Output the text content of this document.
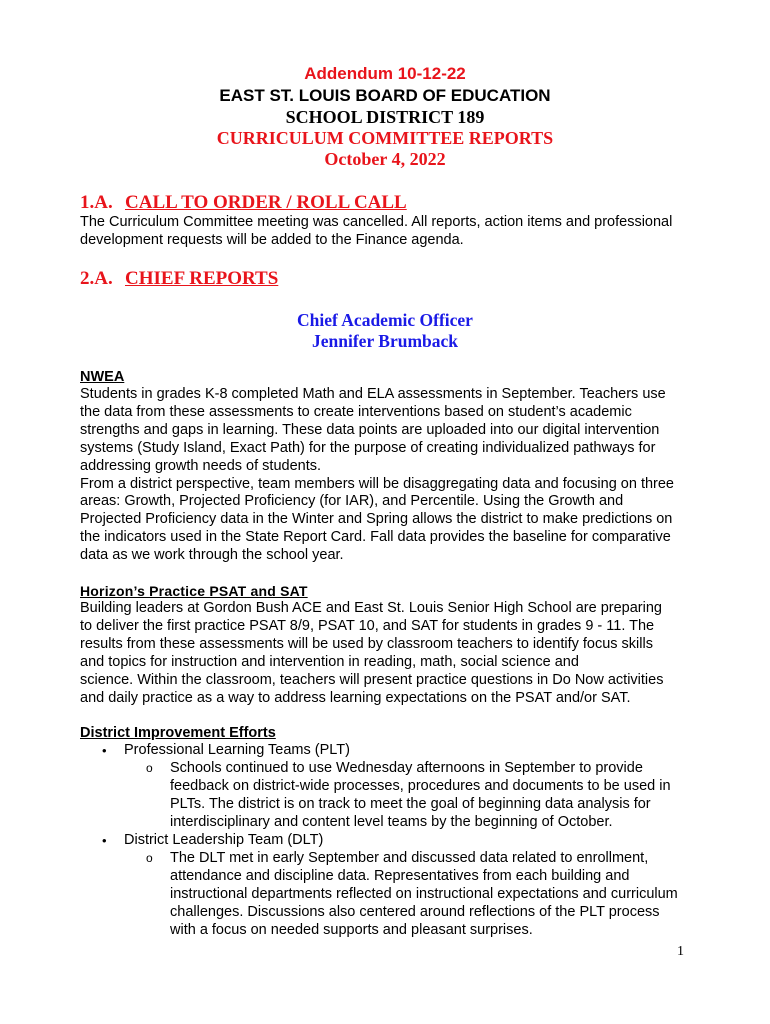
Addendum 10-12-22
EAST ST. LOUIS BOARD OF EDUCATION
SCHOOL DISTRICT 189
CURRICULUM COMMITTEE REPORTS
October 4, 2022
1.A. CALL TO ORDER / ROLL CALL

The Curriculum Committee meeting was cancelled. All reports, action items and professional
development requests will be added to the Finance agenda.

2.A. CHIEF REPORTS
Chief Academic Officer
Jennifer Brumback
NWEA

Students in grades K-8 completed Math and ELA assessments in September. Teachers use
the data from these assessments to create interventions based on student’s academic
strengths and gaps in learning. These data points are uploaded into our digital intervention
systems (Study Island, Exact Path) for the purpose of creating individualized pathways for
addressing growth needs of students.
From a district perspective, team members will be disaggregating data and focusing on three
areas: Growth, Projected Proficiency (for IAR), and Percentile. Using the Growth and
Projected Proficiency data in the Winter and Spring allows the district to make predictions on
the indicators used in the State Report Card. Fall data provides the baseline for comparative
data as we work through the school year.

Horizon’s Practice PSAT and SAT

Building leaders at Gordon Bush ACE and East St. Louis Senior High School are preparing
to deliver the first practice PSAT 8/9, PSAT 10, and SAT for students in grades 9 - 11. The
results from these assessments will be used by classroom teachers to identify focus skills
and topics for instruction and intervention in reading, math, social science and
science. Within the classroom, teachers will present practice questions in Do Now activities
and daily practice as a way to address learning expectations on the PSAT and/or SAT.

District Improvement Efforts
• Professional Learning Teams (PLT)
o Schools continued to use Wednesday afternoons in September to provide
feedback on district-wide processes, procedures and documents to be used in
PLTs. The district is on track to meet the goal of beginning data analysis for
interdisciplinary and content level teams by the beginning of October.
• District Leadership Team (DLT)
o The DLT met in early September and discussed data related to enrollment,
attendance and discipline data. Representatives from each building and
instructional departments reflected on instructional expectations and curriculum
challenges. Discussions also centered around reflections of the PLT process
with a focus on needed supports and pleasant surprises.
1
